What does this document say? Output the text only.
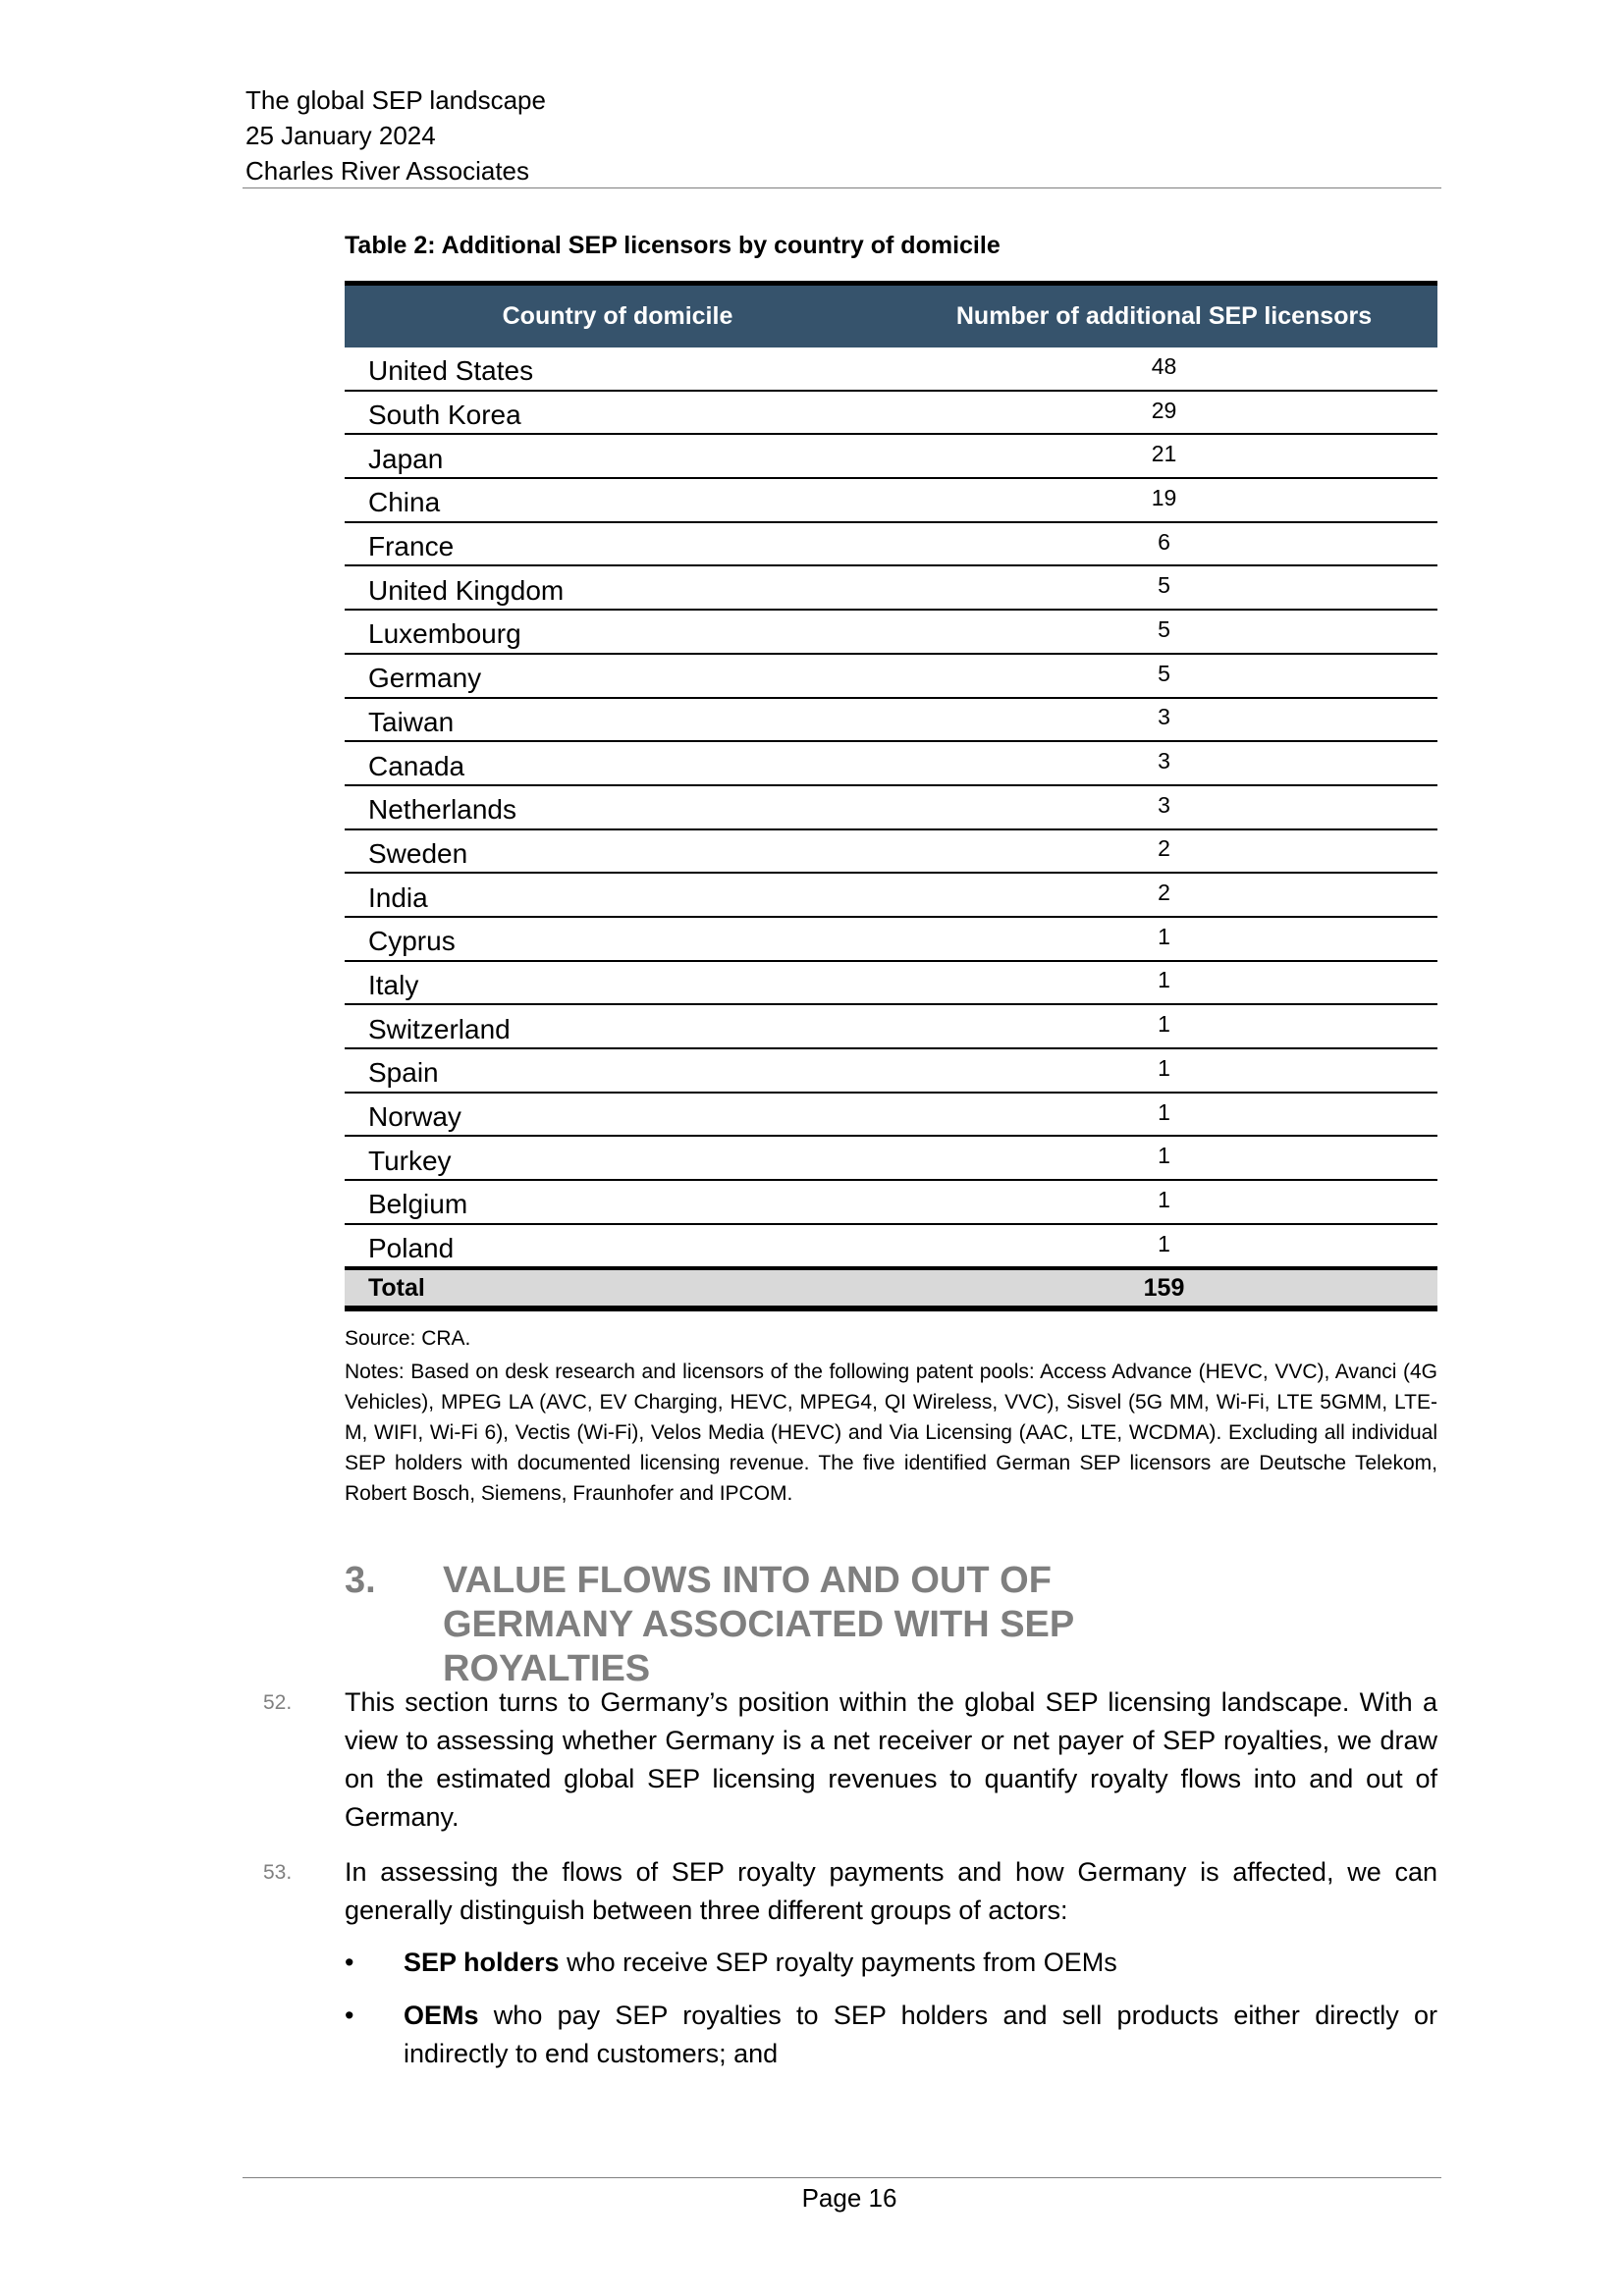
The global SEP landscape
25 January 2024
Charles River Associates
Table 2: Additional SEP licensors by country of domicile
Country of domicile	Number of additional SEP licensors
United States	48
South Korea	29
Japan	21
China	19
France	6
United Kingdom	5
Luxembourg	5
Germany	5
Taiwan	3
Canada	3
Netherlands	3
Sweden	2
India	2
Cyprus	1
Italy	1
Switzerland	1
Spain	1
Norway	1
Turkey	1
Belgium	1
Poland	1
Total	159
Source: CRA.
Notes: Based on desk research and licensors of the following patent pools: Access Advance (HEVC, VVC), Avanci (4G Vehicles), MPEG LA (AVC, EV Charging, HEVC, MPEG4, QI Wireless, VVC), Sisvel (5G MM, Wi-Fi, LTE 5GMM, LTE-M, WIFI, Wi-Fi 6), Vectis (Wi-Fi), Velos Media (HEVC) and Via Licensing (AAC, LTE, WCDMA). Excluding all individual SEP holders with documented licensing revenue. The five identified German SEP licensors are Deutsche Telekom, Robert Bosch, Siemens, Fraunhofer and IPCOM.
3. VALUE FLOWS INTO AND OUT OF GERMANY ASSOCIATED WITH SEP ROYALTIES
52. This section turns to Germany’s position within the global SEP licensing landscape. With a view to assessing whether Germany is a net receiver or net payer of SEP royalties, we draw on the estimated global SEP licensing revenues to quantify royalty flows into and out of Germany.
53. In assessing the flows of SEP royalty payments and how Germany is affected, we can generally distinguish between three different groups of actors:
• SEP holders who receive SEP royalty payments from OEMs
• OEMs who pay SEP royalties to SEP holders and sell products either directly or indirectly to end customers; and
Page 16
